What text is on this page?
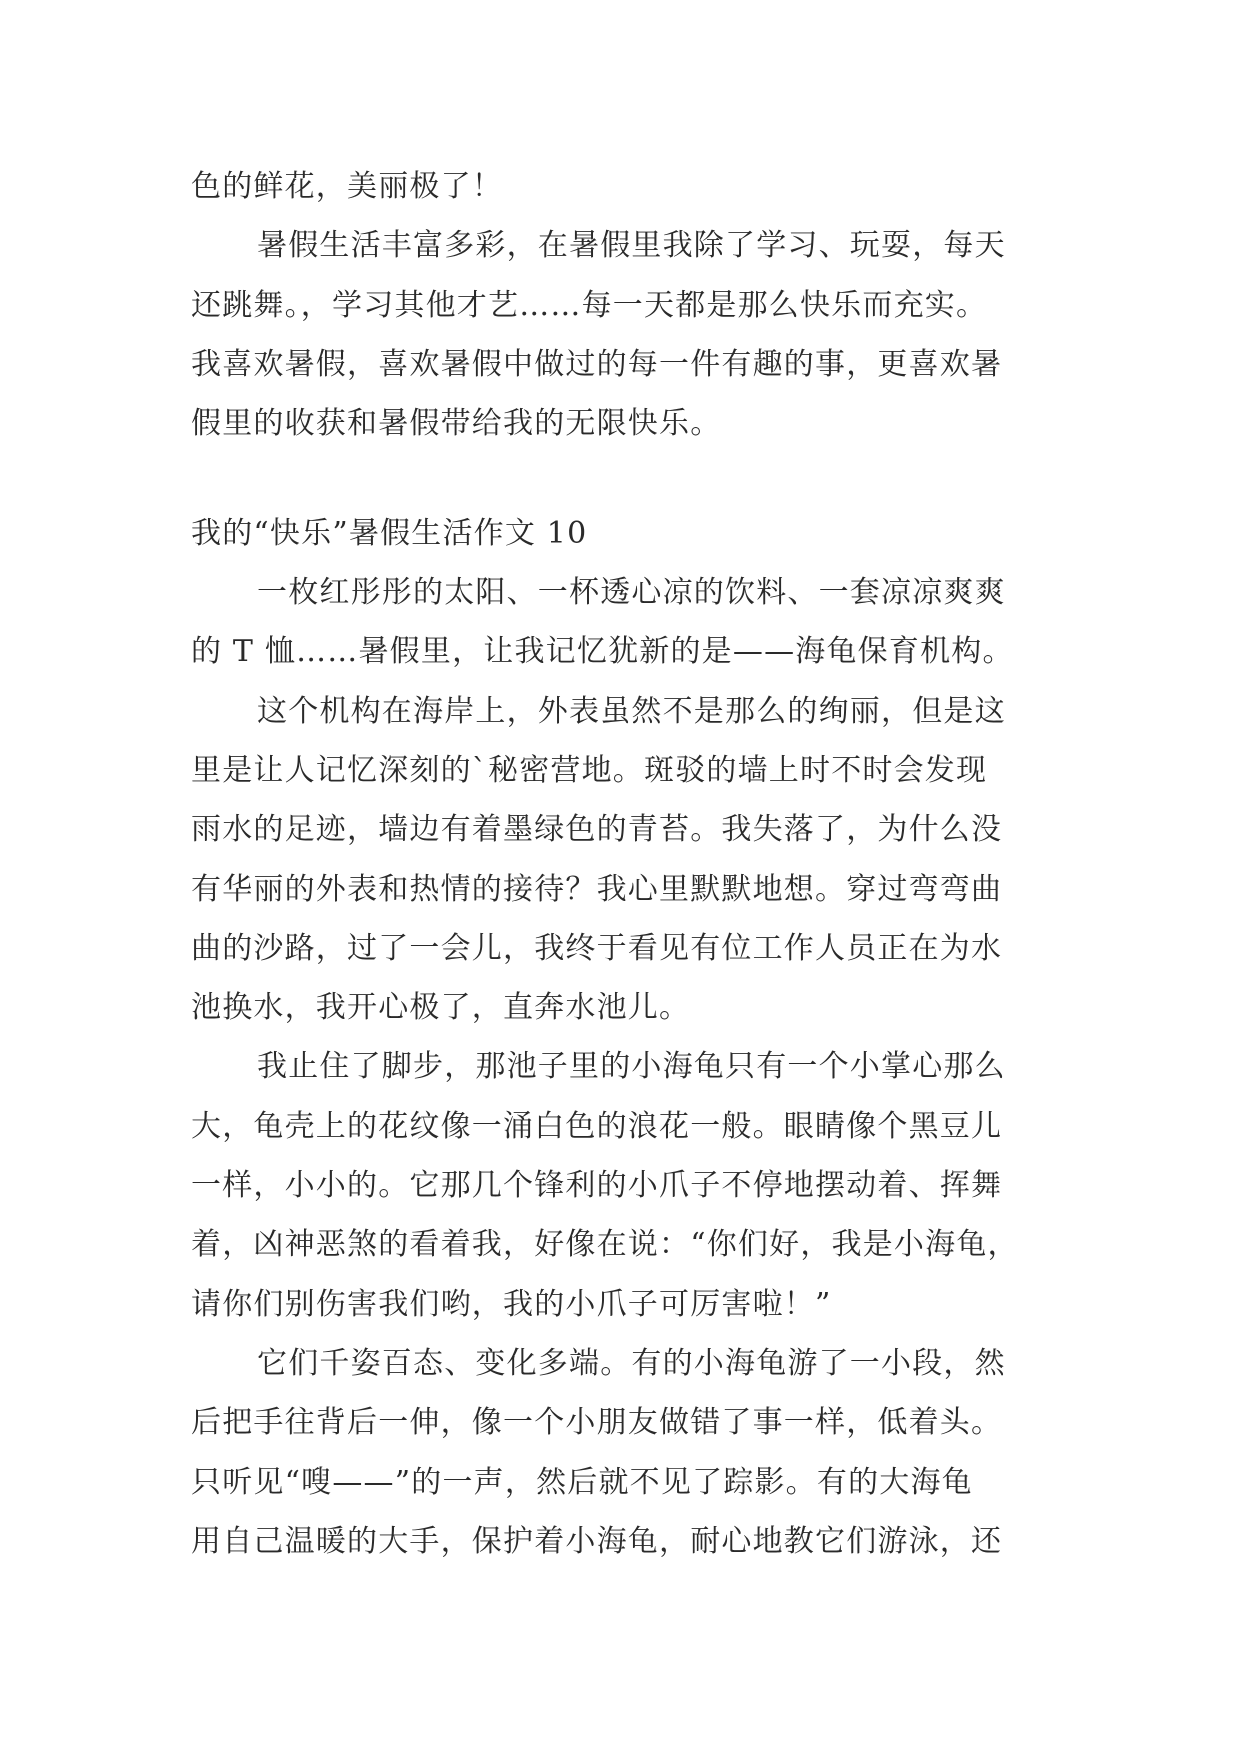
色的鲜花，美丽极了！
暑假生活丰富多彩，在暑假里我除了学习、玩耍，每天
还跳舞。，学习其他才艺……每一天都是那么快乐而充实。
我喜欢暑假，喜欢暑假中做过的每一件有趣的事，更喜欢暑
假里的收获和暑假带给我的无限快乐。
我的“快乐”暑假生活作文 10
一枚红彤彤的太阳、一杯透心凉的饮料、一套凉凉爽爽
的 T 恤……暑假里，让我记忆犹新的是——海龟保育机构。
这个机构在海岸上，外表虽然不是那么的绚丽，但是这
里是让人记忆深刻的`秘密营地。斑驳的墙上时不时会发现
雨水的足迹，墙边有着墨绿色的青苔。我失落了，为什么没
有华丽的外表和热情的接待？我心里默默地想。穿过弯弯曲
曲的沙路，过了一会儿，我终于看见有位工作人员正在为水
池换水，我开心极了，直奔水池儿。
我止住了脚步，那池子里的小海龟只有一个小掌心那么
大，龟壳上的花纹像一涌白色的浪花一般。眼睛像个黑豆儿
一样，小小的。它那几个锋利的小爪子不停地摆动着、挥舞
着，凶神恶煞的看着我，好像在说：“你们好，我是小海龟，
请你们别伤害我们哟，我的小爪子可厉害啦！”
它们千姿百态、变化多端。有的小海龟游了一小段，然
后把手往背后一伸，像一个小朋友做错了事一样，低着头。
只听见“嗖——”的一声，然后就不见了踪影。有的大海龟
用自己温暖的大手，保护着小海龟，耐心地教它们游泳，还
